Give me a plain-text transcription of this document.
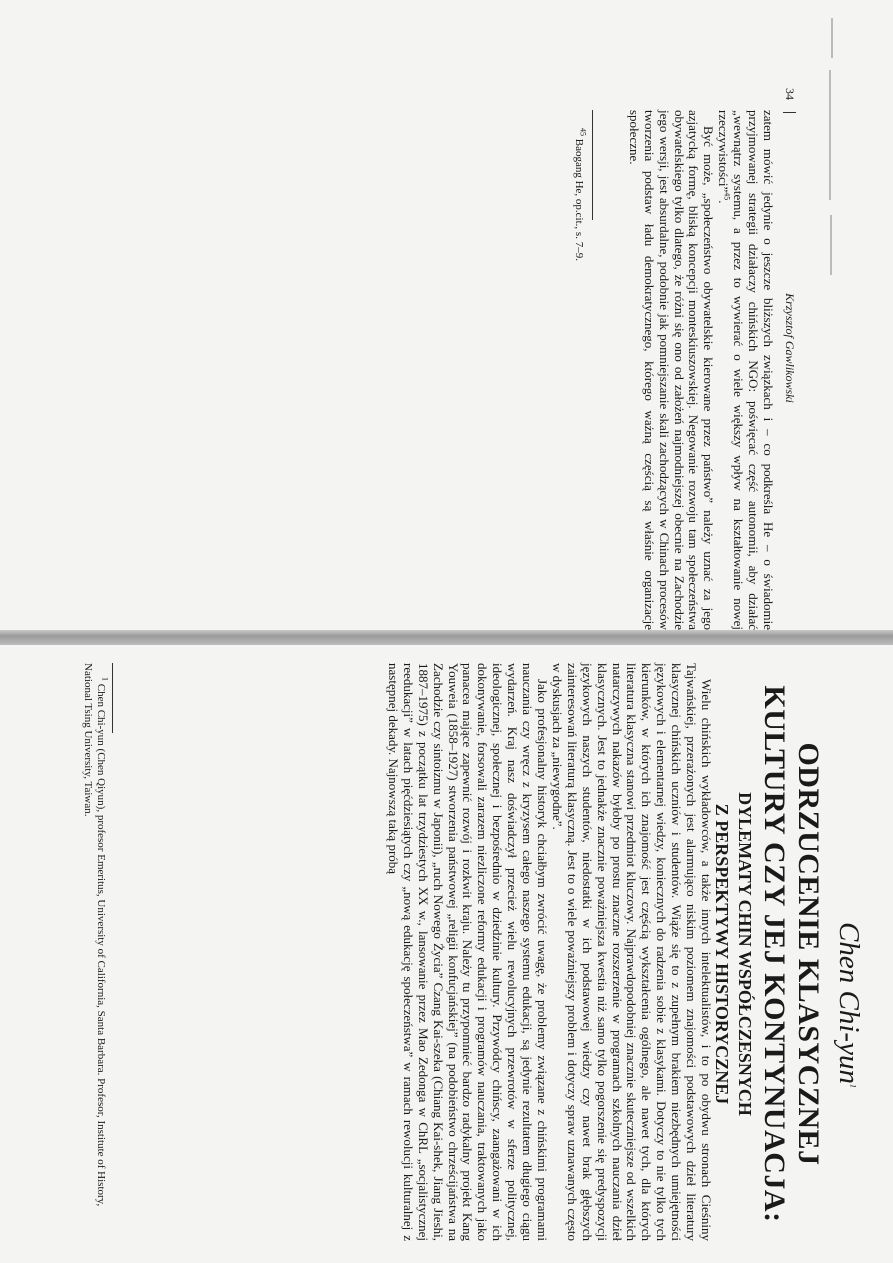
34
Krzysztof Gawlikowski

zatem mówić jedynie o jeszcze bliższych związkach i – co podkreśla He – o świadomie przyjmowanej strategii działaczy chińskich NGO: poświęcać część autonomii, aby działać „wewnątrz systemu, a przez to wywierać o wiele większy wpływ na kształtowanie nowej rzeczywistości”$^{45}$.

Być może, „społeczeństwo obywatelskie kierowane przez państwo” należy uznać za jego azjatycką formę, bliską koncepcji monteskiuszowskiej. Negowanie rozwoju tam społeczeństwa obywatelskiego tylko dlatego, że różni się ono od założeń najmodniejszej obecnie na Zachodzie jego wersji, jest absurdalne, podobnie jak pomniejszanie skali zachodzących w Chinach procesów tworzenia podstaw ładu demokratycznego, którego ważną częścią są właśnie organizacje społeczne.

$^{45}$ Baogang He, op.cit., s. 7–9.
Chen Chi-yun$^1$
ODRZUCENIE KLASYCZNEJ
KULTURY CZY JEJ KONTYNUACJA:
DYLEMATY CHIN WSPÓŁCZESNYCH
Z PERSPEKTYWY HISTORYCZNEJ

Wielu chińskich wykładowców, a także innych intelektualistów, i to po obydwu stronach Cieśniny Tajwańskiej, przerażonych jest alarmująco niskim poziomem znajomości podstawowych dzieł literatury klasycznej chińskich uczniów i studentów. Wiąże się to z zupełnym brakiem niezbędnych umiejętności językowych i elementarnej wiedzy, koniecznych do radzenia sobie z klasykami. Dotyczy to nie tylko tych kierunków, w których ich znajomość jest częścią wykształcenia ogólnego, ale nawet tych, dla których literatura klasyczna stanowi przedmiot kluczowy. Najprawdopodobniej znacznie skuteczniejsze od wszelkich natarczywych nakazów byłoby po prostu znaczne rozszerzenie w programach szkolnych nauczania dzieł klasycznych. Jest to jednakże znacznie poważniejsza kwestia niż samo tylko pogorszenie się predyspozycji językowych naszych studentów, niedostatki w ich podstawowej wiedzy czy nawet brak głębszych zainteresowań literaturą klasyczną. Jest to o wiele poważniejszy problem i dotyczy spraw uznawanych często w dyskusjach za „niewygodne”.

Jako profesjonalny historyk chciałbym zwrócić uwagę, że problemy związane z chińskimi programami nauczania czy wręcz z kryzysem całego naszego systemu edukacji, są jedynie rezultatem długiego ciągu wydarzeń. Kraj nasz doświadczył przecież wielu rewolucyjnych przewrotów w sferze politycznej, ideologicznej, społecznej i bezpośrednio w dziedzinie kultury. Przywódcy chińscy, zaangażowani w ich dokonywanie, forsowali zarazem niezliczone reformy edukacji i programów nauczania, traktowanych jako panacea mające zapewnić rozwój i rozkwit kraju. Należy tu przypomnieć bardzo radykalny projekt Kang Youweia (1858–1927) stworzenia państwowej „religii konfucjańskiej” (na podobieństwo chrześcijaństwa na Zachodzie czy sintoizmu w Japonii), „ruch Nowego Życia” Czang Kai-szeka (Chiang Kai-shek, Jiang Jieshi, 1887–1975) z początku lat trzydziestych XX w., lansowanie przez Mao Zedonga w ChRL „socjalistycznej reedukacji” w latach pięćdziesiątych czy „nową edukację społeczeństwa” w ramach rewolucji kulturalnej z następnej dekady. Najnowszą taką próbą

$^1$ Chen Chi-yun (Chen Qiyun), profesor Emeritus, University of California, Santa Barbara. Profesor, Institute of History, National Tsing University, Taiwan.
